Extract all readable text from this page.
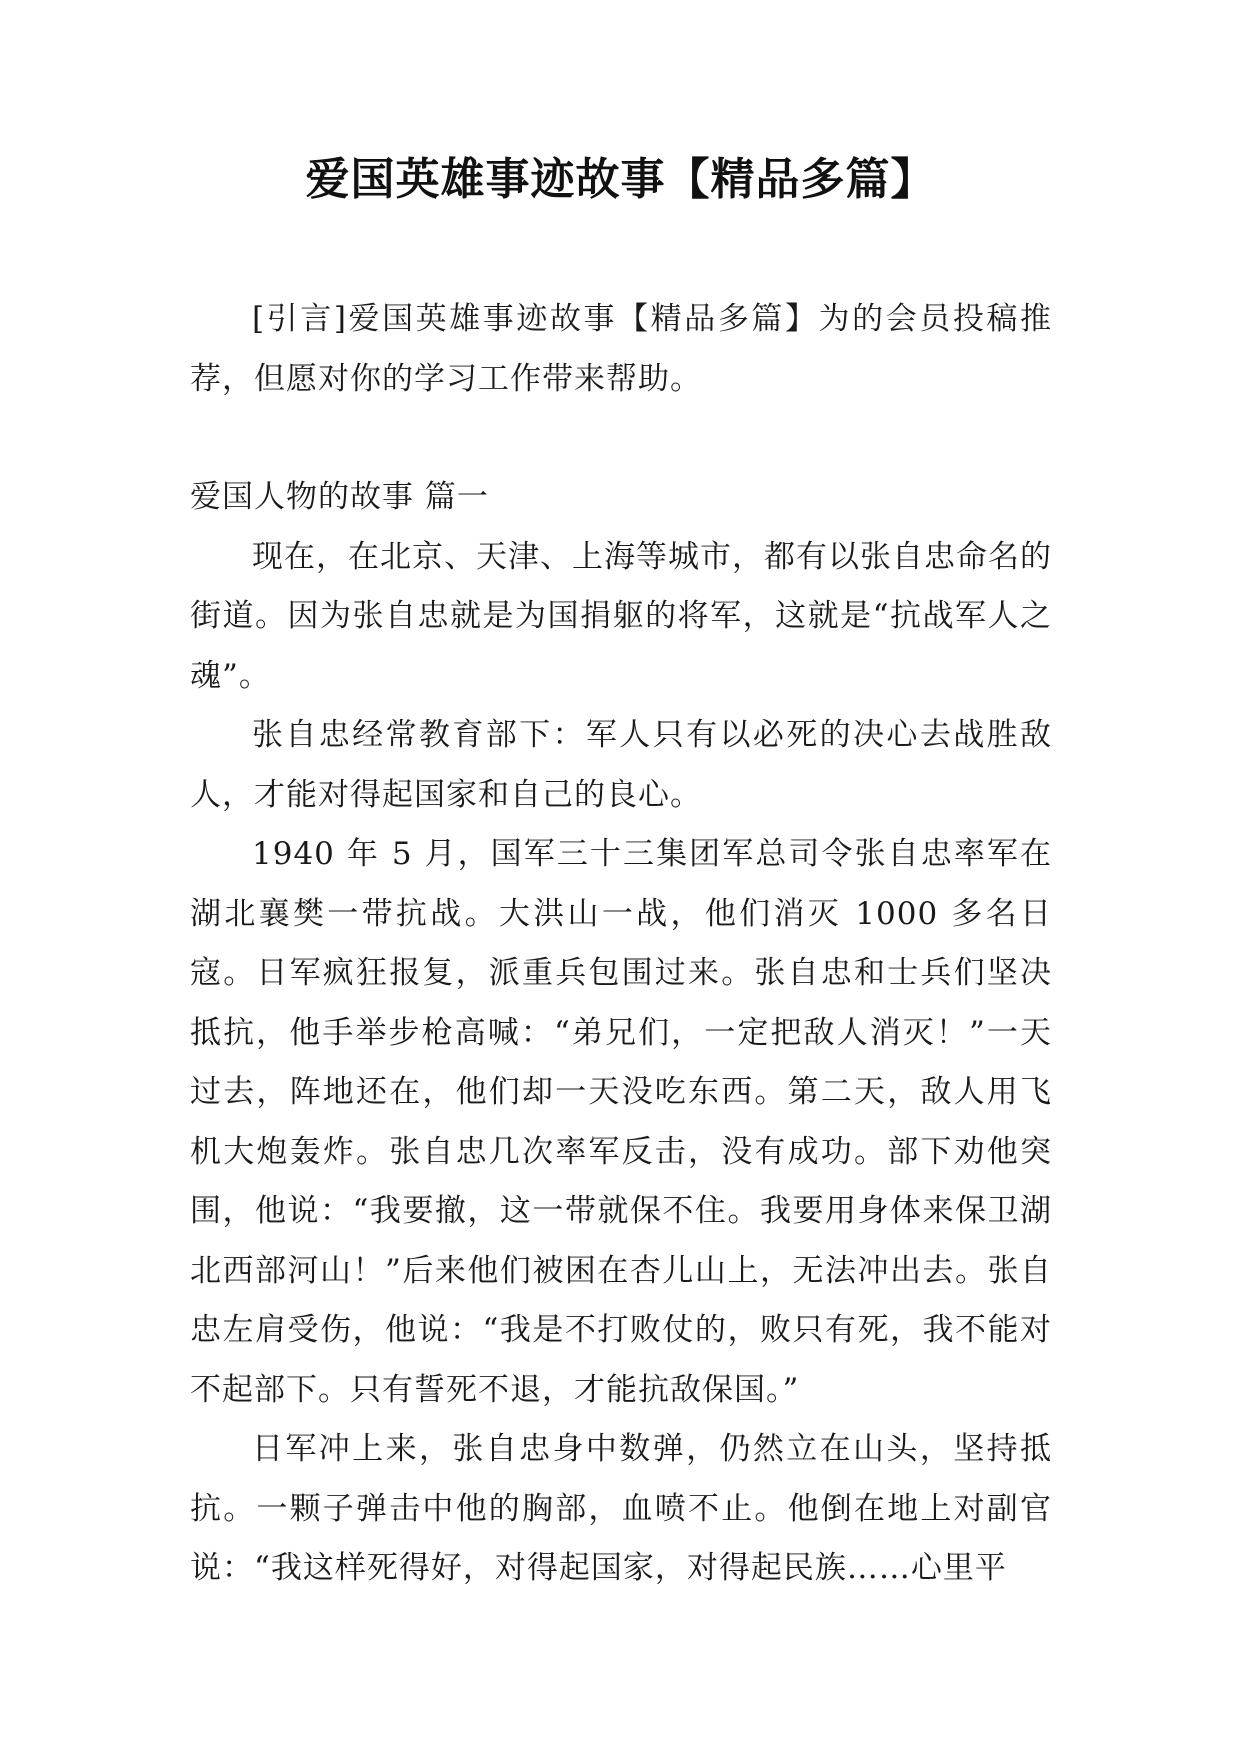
爱国英雄事迹故事【精品多篇】

[引言]爱国英雄事迹故事【精品多篇】为的会员投稿推荐，但愿对你的学习工作带来帮助。

爱国人物的故事 篇一

现在，在北京、天津、上海等城市，都有以张自忠命名的街道。因为张自忠就是为国捐躯的将军，这就是“抗战军人之魂”。

张自忠经常教育部下：军人只有以必死的决心去战胜敌人，才能对得起国家和自己的良心。

1940 年 5 月，国军三十三集团军总司令张自忠率军在湖北襄樊一带抗战。大洪山一战，他们消灭 1000 多名日寇。日军疯狂报复，派重兵包围过来。张自忠和士兵们坚决抵抗，他手举步枪高喊：“弟兄们，一定把敌人消灭！”一天过去，阵地还在，他们却一天没吃东西。第二天，敌人用飞机大炮轰炸。张自忠几次率军反击，没有成功。部下劝他突围，他说：“我要撤，这一带就保不住。我要用身体来保卫湖北西部河山！”后来他们被困在杏儿山上，无法冲出去。张自忠左肩受伤，他说：“我是不打败仗的，败只有死，我不能对不起部下。只有誓死不退，才能抗敌保国。”

日军冲上来，张自忠身中数弹，仍然立在山头，坚持抵抗。一颗子弹击中他的胸部，血喷不止。他倒在地上对副官说：“我这样死得好，对得起国家，对得起民族……心里平
